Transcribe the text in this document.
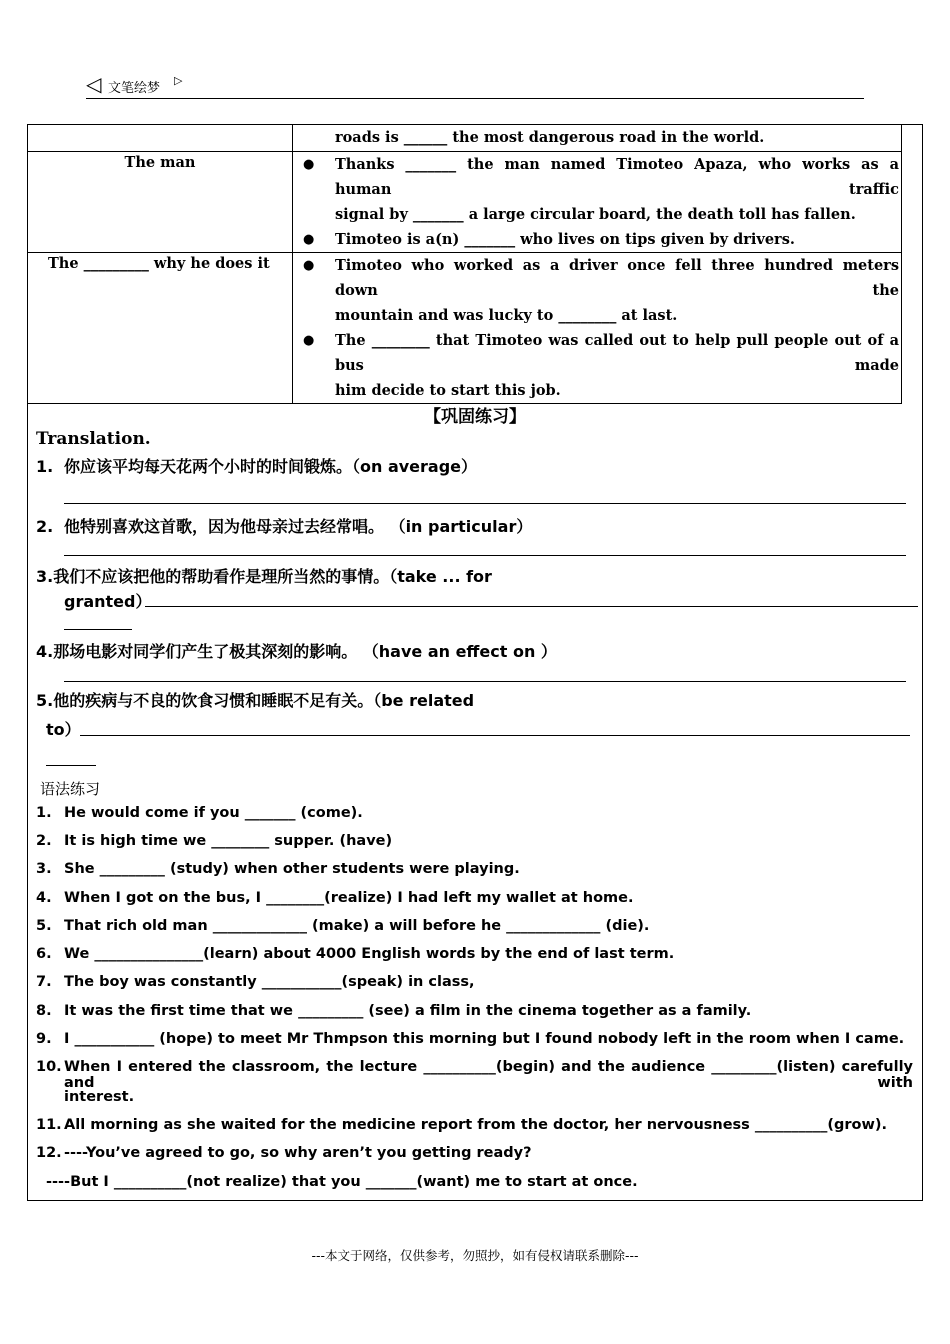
◁ 文笔绘梦
▷

	roads is ______ the most dangerous road in the world.

The man	● Thanks _______ the man named Timoteo Apaza, who works as a human traffic
signal by _______ a large circular board, the death toll has fallen.
● Timoteo is a(n) _______ who lives on tips given by drivers.

The _________ why he does it	● Timoteo who worked as a driver once fell three hundred meters down the
mountain and was lucky to ________ at last.
● The ________ that Timoteo was called out to help pull people out of a bus made
him decide to start this job.
【巩固练习】
Translation.
1. 你应该平均每天花两个小时的时间锻炼。（on average）
2. 他特别喜欢这首歌，因为他母亲过去经常唱。 （in particular）
3.我们不应该把他的帮助看作是理所当然的事情。（take ... for
granted）
4.那场电影对同学们产生了极其深刻的影响。 （have an effect on ）
5.他的疾病与不良的饮食习惯和睡眠不足有关。（be related
to）
语法练习
1. He would come if you _______ (come).
2. It is high time we ________ supper. (have)
3. She _________ (study) when other students were playing.
4. When I got on the bus, I ________(realize) I had left my wallet at home.
5. That rich old man _____________ (make) a will before he _____________ (die).
6. We _______________(learn) about 4000 English words by the end of last term.
7. The boy was constantly ___________(speak) in class,
8. It was the first time that we _________ (see) a film in the cinema together as a family.
9. I ___________ (hope) to meet Mr Thmpson this morning but I found nobody left in the room when I came.
10. When I entered the classroom, the lecture __________(begin) and the audience _________(listen) carefully and with
interest.
11. All morning as she waited for the medicine report from the doctor, her nervousness __________(grow).
12. ----You’ve agreed to go, so why aren’t you getting ready?
----But I __________(not realize) that you _______(want) me to start at once.
---本文于网络，仅供参考，勿照抄，如有侵权请联系删除---
